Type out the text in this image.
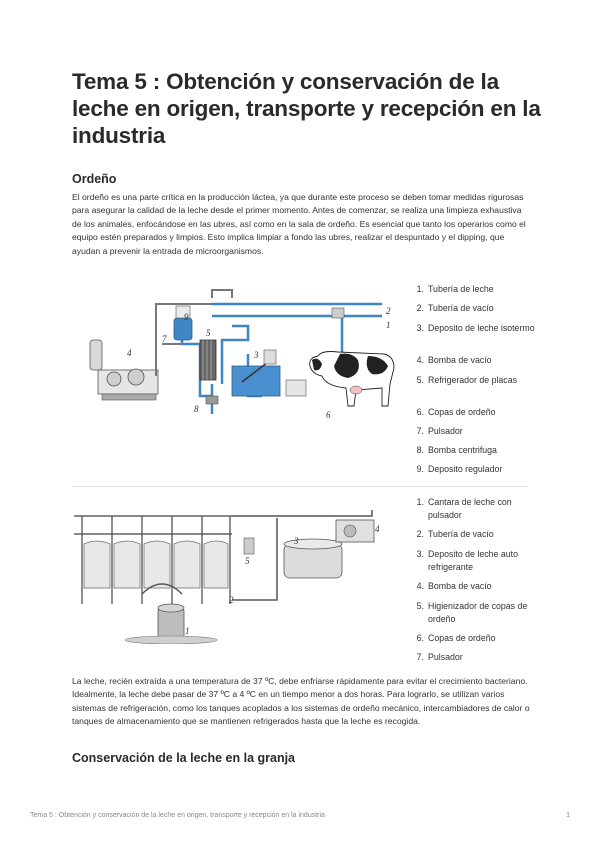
Tema 5 : Obtención y conservación de la leche en origen, transporte y recepción en la industria
Ordeño

El ordeño es una parte crítica en la producción láctea, ya que durante este proceso se deben tomar medidas rigurosas para asegurar la calidad de la leche desde el primer momento. Antes de comenzar, se realiza una limpieza exhaustiva de los animales, enfocándose en las ubres, así como en la sala de ordeño. Es esencial que tanto los operarios como el equipo estén preparados y limpios. Esto implica limpiar a fondo las ubres, realizar el despuntado y el dipping, que ayudan a prevenir la entrada de microorganismos.

4
9
7
5
3
8
6
2
1
1. Tubería de leche
2. Tubería de vacío
3. Deposito de leche isotermo
4. Bomba de vacío
5. Refrigerador de placas
6. Copas de ordeño
7. Pulsador
8. Bomba centrifuga
9. Deposito regulador
1
2
3
4
5
1. Cantara de leche con pulsador
2. Tubería de vacío
3. Deposito de leche auto refrigerante
4. Bomba de vacío
5. Higienizador de copas de ordeño
6. Copas de ordeño
7. Pulsador

La leche, recién extraída a una temperatura de 37 ºC, debe enfriarse rápidamente para evitar el crecimiento bacteriano. Idealmente, la leche debe pasar de 37 ºC a 4 ºC en un tiempo menor a dos horas. Para lograrlo, se utilizan varios sistemas de refrigeración, como los tanques acoplados a los sistemas de ordeño mecánico, intercambiadores de calor o tanques de almacenamiento que se mantienen refrigerados hasta que la leche es recogida.

Conservación de la leche en la granja
Tema 5 : Obtención y conservación de la leche en origen, transporte y recepción en la industria	1
